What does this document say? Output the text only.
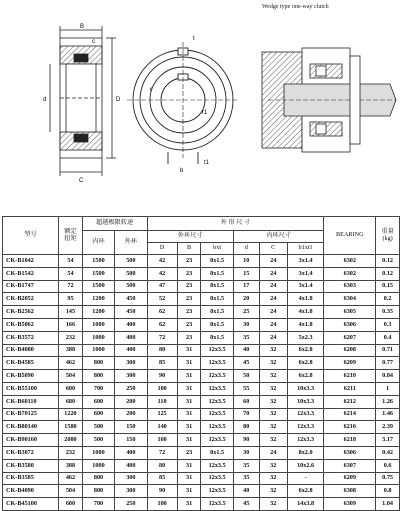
Wedge type one-way clutch
B
c
C
D
d
r
r1
t
b
t1
型号	额定
扭矩	超越极限转速		外 形 尺 寸						BEARING	重量
(kg)
		内环	外环	外环尺寸			内环尺寸				
				D	B	bxt	d	C	b1xt1		
CK-B1042	54	1500	500	42	23	8x1.5	10	24	3x1.4	6302	0.12
CK-B1542	54	1500	500	42	23	8x1.5	15	24	3x1.4	6302	0.12
CK-B1747	72	1500	500	47	23	8x1.5	17	24	3x1.4	6303	0.15
CK-B2052	95	1200	450	52	23	8x1.5	20	24	4x1.8	6304	0.2
CK-B2562	145	1200	450	62	23	8x1.5	25	24	4x1.8	6305	0.35
CK-B5062	166	1000	400	62	23	8x1.5	30	24	4x1.8	6306	0.3
CK-B3572	232	1000	400	72	23	8x1.5	35	24	5x2.3	6207	0.4
CK-B4080	388	1000	400	80	31	12x3.5	40	32	6x2.8	6208	0.71
CK-B4585	462	800	300	85	31	12x3.5	45	32	6x2.8	6209	0.77
CK-B5090	504	800	300	90	31	12x3.5	50	32	6x2.8	6210	0.84
CK-B55100	600	700	250	100	31	12x3.5	55	32	10x3.3	6211	1
CK-B60110	680	600	200	110	31	12x3.5	60	32	10x3.3	6212	1.26
CK-B70125	1220	600	200	125	31	12x3.5	70	32	12x3.3	6214	1.46
CK-B80140	1580	500	150	140	31	12x3.5	80	32	12x3.3	6216	2.39
CK-B90160	2080	500	150	160	31	12x3.5	90	32	12x3.3	6218	3.17
CK-B3072	232	1000	400	72	23	8x1.5	30	24	8x2.0	6306	0.42
CK-B3580	388	1000	400	80	31	12x3.5	35	32	10x2.6	6307	0.6
CK-B3585	462	800	300	85	31	12x3.5	35	32	-	6209	0.75
CK-B4090	504	800	300	90	31	12x3.5	40	32	6x2.8	6308	0.8
CK-B45100	600	700	250	100	31	12x3.5	45	32	14x3.8	6309	1.04
